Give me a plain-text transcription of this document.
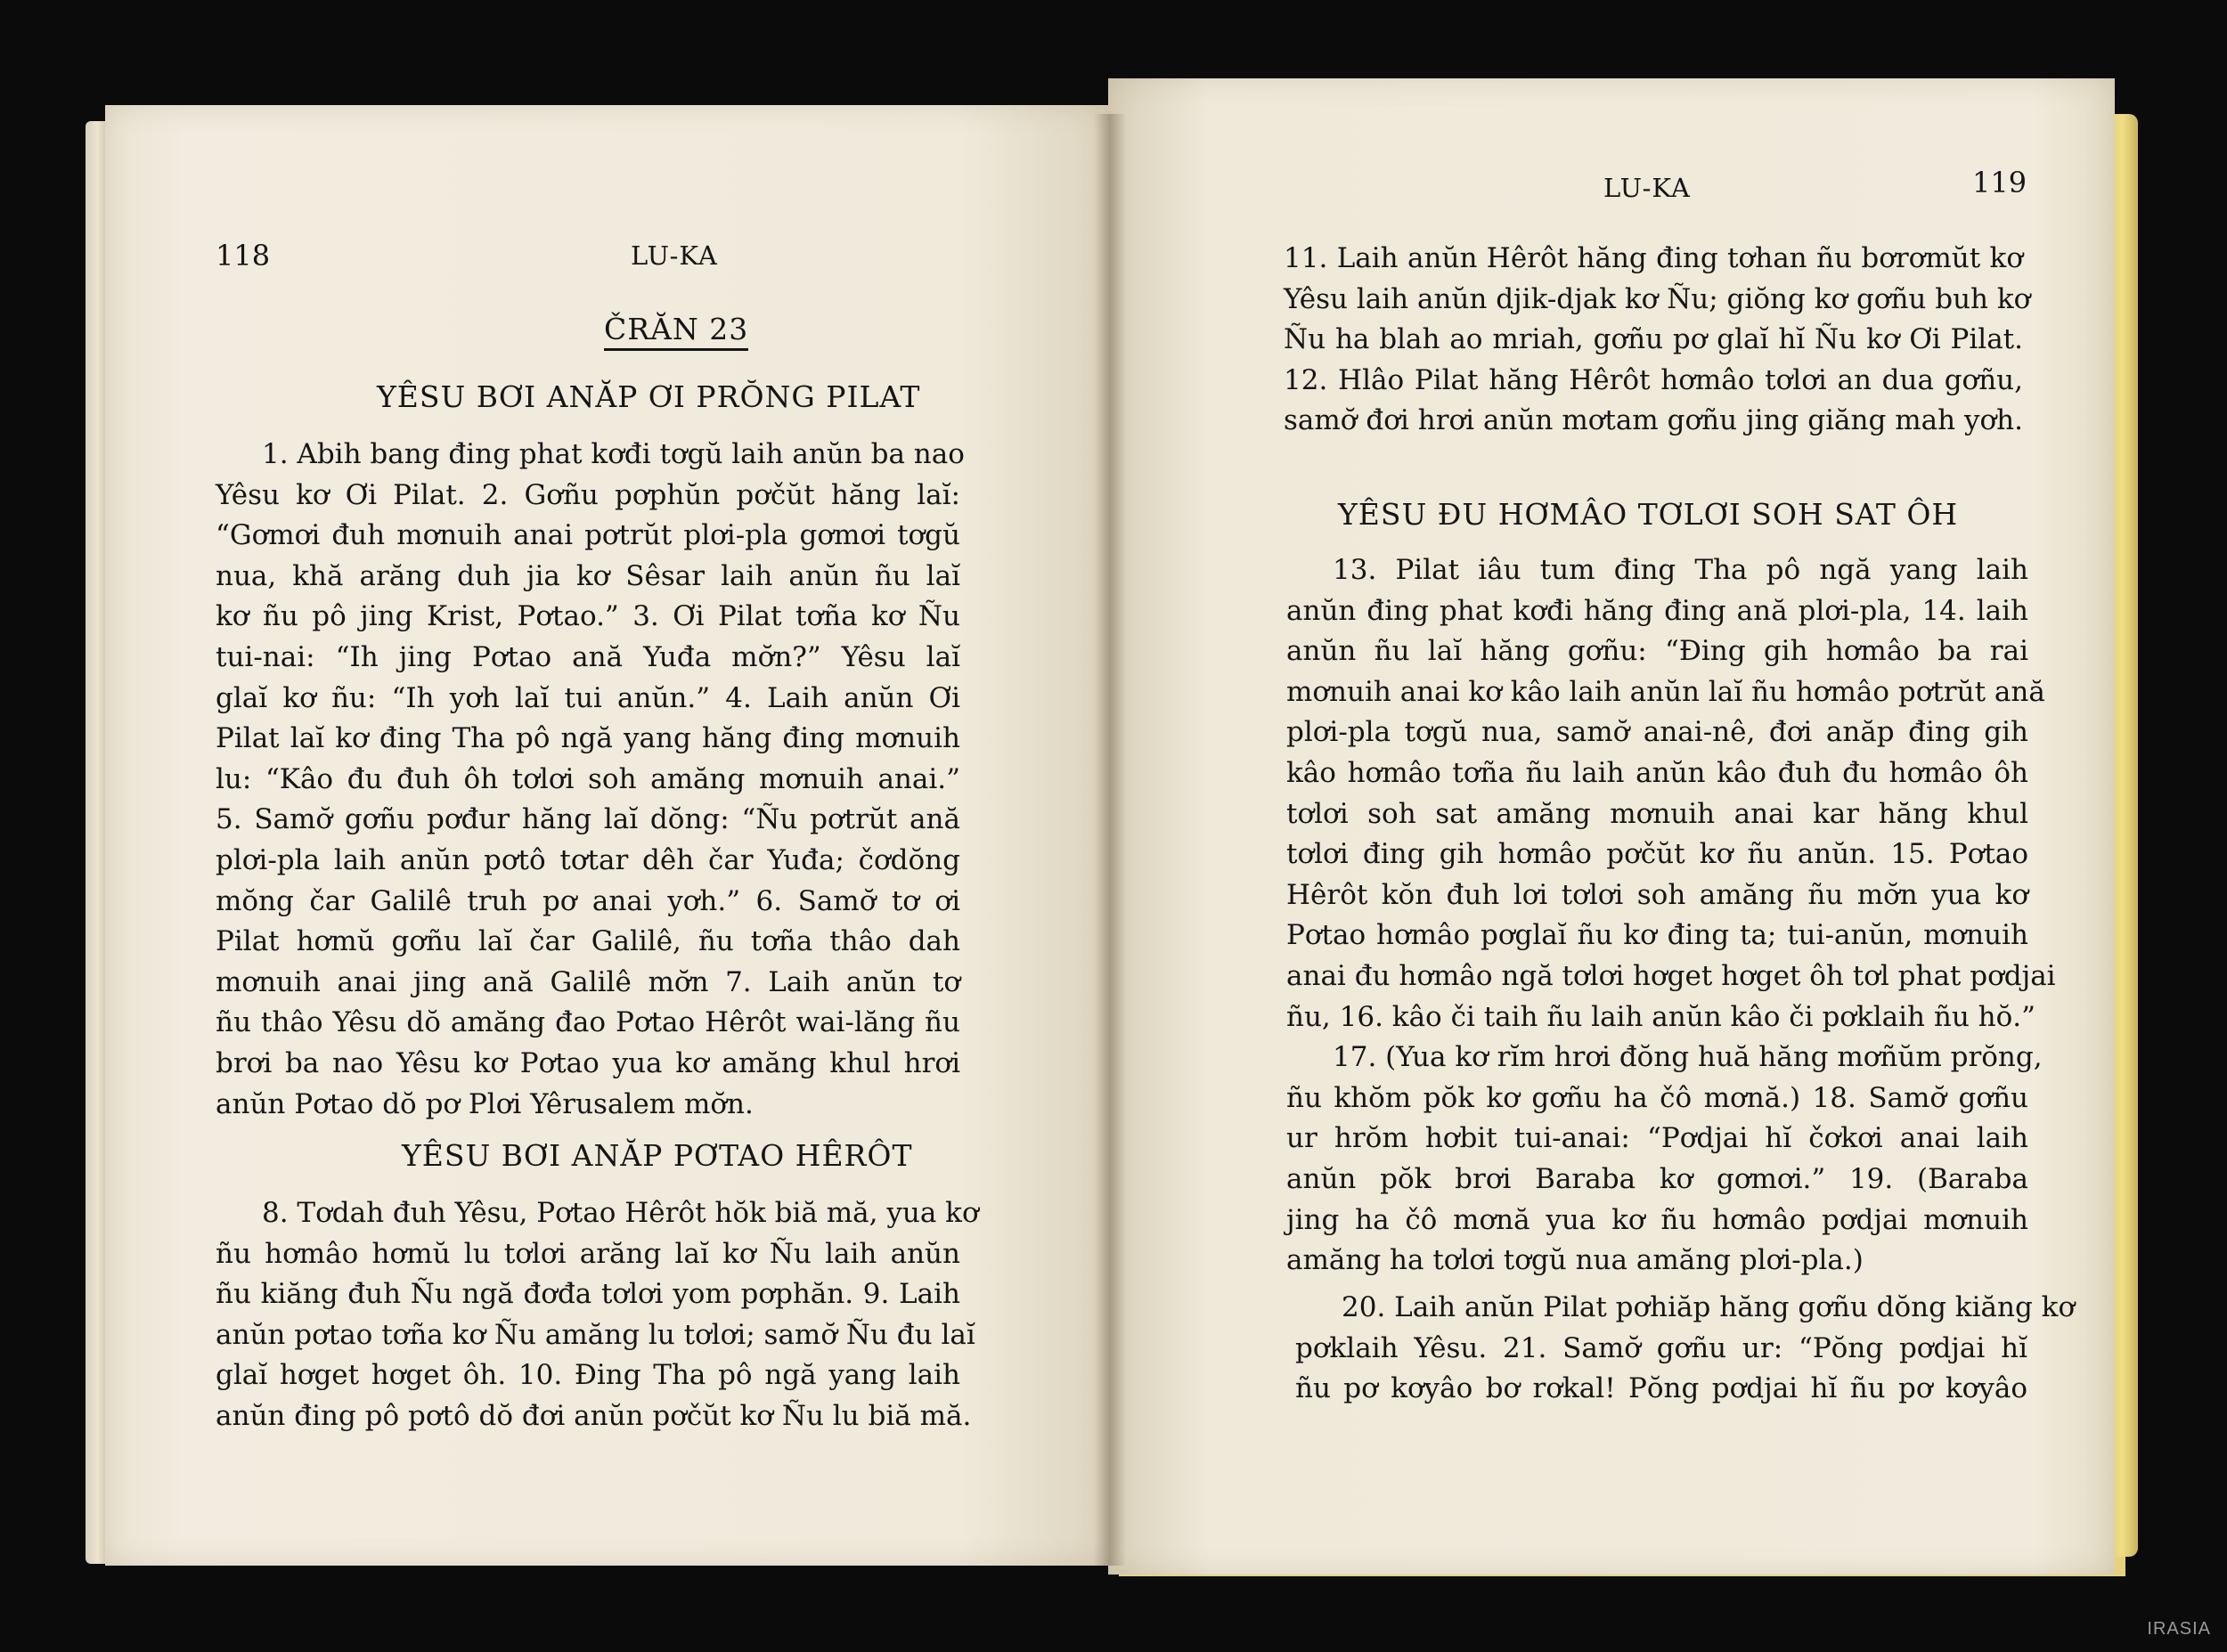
118	LU-KA
ČRĂN 23
YÊSU BƠI ANĂP ƠI PRŎNG PILAT
1. Abih bang đing phat kơđi tơgŭ laih anŭn ba nao
Yêsu kơ Ơi Pilat. 2. Gơñu pơphŭn pơčŭt hăng laĭ:
“Gơmơi đuh mơnuih anai pơtrŭt plơi-pla gơmơi tơgŭ
nua, khă arăng duh jia kơ Sêsar laih anŭn ñu laĭ
kơ ñu pô jing Krist, Pơtao.” 3. Ơi Pilat tơña kơ Ñu
tui-nai: “Ih jing Pơtao ană Yuđa mơ̆n?” Yêsu laĭ
glaĭ kơ ñu: “Ih yơh laĭ tui anŭn.” 4. Laih anŭn Ơi
Pilat laĭ kơ đing Tha pô ngă yang hăng đing mơnuih
lu: “Kâo đu đuh ôh tơlơi soh amăng mơnuih anai.”
5. Samơ̆ gơñu pơđur hăng laĭ dŏng: “Ñu pơtrŭt ană
plơi-pla laih anŭn pơtô tơtar dêh čar Yuđa; čơdŏng
mŏng čar Galilê truh pơ anai yơh.” 6. Samơ̆ tơ ơi
Pilat hơmŭ gơñu laĭ čar Galilê, ñu tơña thâo dah
mơnuih anai jing ană Galilê mơ̆n 7. Laih anŭn tơ
ñu thâo Yêsu dŏ amăng đao Pơtao Hêrôt wai-lăng ñu
brơi ba nao Yêsu kơ Pơtao yua kơ amăng khul hrơi
anŭn Pơtao dŏ pơ Plơi Yêrusalem mơ̆n.
YÊSU BƠI ANĂP PƠTAO HÊRÔT
8. Tơdah đuh Yêsu, Pơtao Hêrôt hŏk biă mă, yua kơ
ñu hơmâo hơmŭ lu tơlơi arăng laĭ kơ Ñu laih anŭn
ñu kiăng đuh Ñu ngă đơđa tơlơi yom pơphăn. 9. Laih
anŭn pơtao tơña kơ Ñu amăng lu tơlơi; samơ̆ Ñu đu laĭ
glaĭ hơget hơget ôh. 10. Đing Tha pô ngă yang laih
anŭn đing pô pơtô dŏ đơi anŭn pơčŭt kơ Ñu lu biă mă.
LU-KA	119
11. Laih anŭn Hêrôt hăng đing tơhan ñu bơrơmŭt kơ
Yêsu laih anŭn djik-djak kơ Ñu; giŏng kơ gơñu buh kơ
Ñu ha blah ao mriah, gơñu pơ glaĭ hĭ Ñu kơ Ơi Pilat.
12. Hlâo Pilat hăng Hêrôt hơmâo tơlơi an dua gơñu,
samơ̆ đơi hrơi anŭn mơtam gơñu jing giăng mah yơh.
YÊSU ĐU HƠMÂO TƠLƠI SOH SAT ÔH
13. Pilat iâu tum đing Tha pô ngă yang laih
anŭn đing phat kơđi hăng đing ană plơi-pla, 14. laih
anŭn ñu laĭ hăng gơñu: “Đing gih hơmâo ba rai
mơnuih anai kơ kâo laih anŭn laĭ ñu hơmâo pơtrŭt ană
plơi-pla tơgŭ nua, samơ̆ anai-nê, đơi anăp đing gih
kâo hơmâo tơña ñu laih anŭn kâo đuh đu hơmâo ôh
tơlơi soh sat amăng mơnuih anai kar hăng khul
tơlơi đing gih hơmâo pơčŭt kơ ñu anŭn. 15. Pơtao
Hêrôt kŏn đuh lơi tơlơi soh amăng ñu mơ̆n yua kơ
Pơtao hơmâo pơglaĭ ñu kơ đing ta; tui-anŭn, mơnuih
anai đu hơmâo ngă tơlơi hơget hơget ôh tơl phat pơdjai
ñu, 16. kâo či taih ñu laih anŭn kâo či pơklaih ñu hŏ.”
17. (Yua kơ rĭm hrơi đŏng huă hăng mơñŭm prŏng,
ñu khŏm pŏk kơ gơñu ha čô mơnă.) 18. Samơ̆ gơñu
ur hrŏm hơbit tui-anai: “Pơdjai hĭ čơkơi anai laih
anŭn pŏk brơi Baraba kơ gơmơi.” 19. (Baraba
jing ha čô mơnă yua kơ ñu hơmâo pơdjai mơnuih
amăng ha tơlơi tơgŭ nua amăng plơi-pla.)
20. Laih anŭn Pilat pơhiăp hăng gơñu dŏng kiăng kơ
pơklaih Yêsu. 21. Samơ̆ gơñu ur: “Pŏng pơdjai hĭ
ñu pơ kơyâo bơ rơkal! Pŏng pơdjai hĭ ñu pơ kơyâo
IRASIA
